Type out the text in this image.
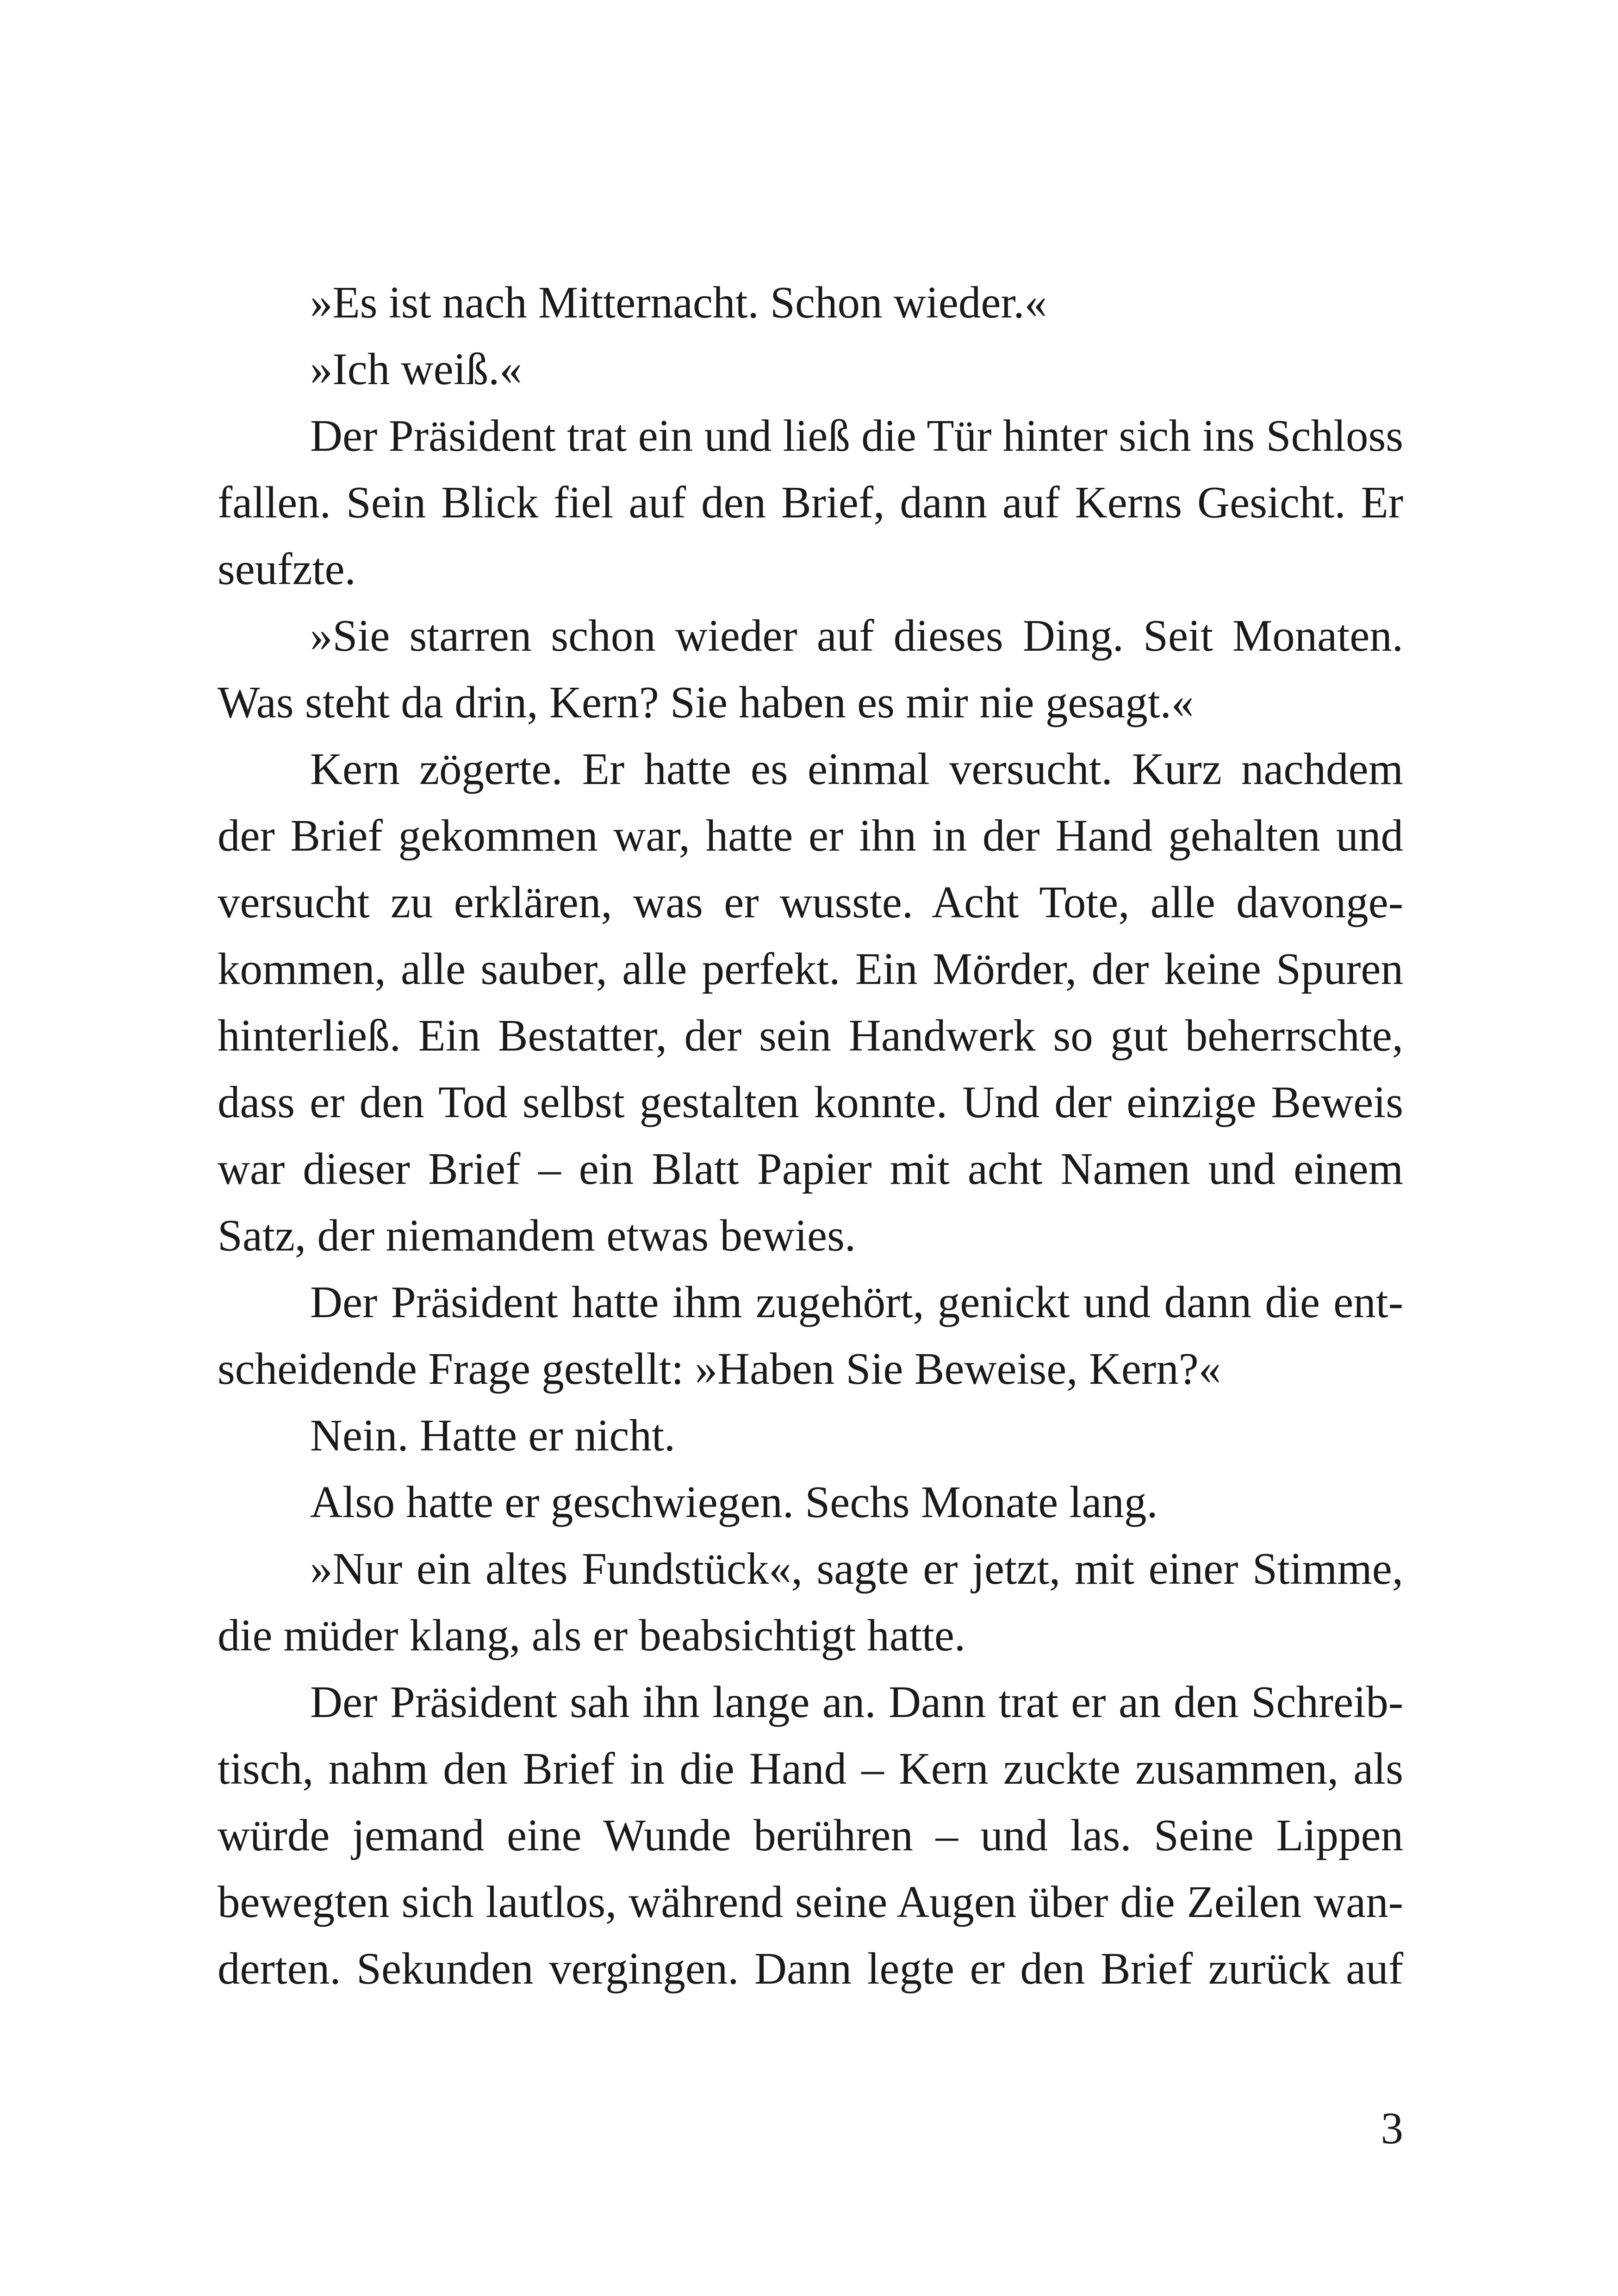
»Es ist nach Mitternacht. Schon wieder.«
»Ich weiß.«
Der Präsident trat ein und ließ die Tür hinter sich ins Schloss
fallen. Sein Blick fiel auf den Brief, dann auf Kerns Gesicht. Er
seufzte.
»Sie starren schon wieder auf dieses Ding. Seit Monaten.
Was steht da drin, Kern? Sie haben es mir nie gesagt.«
Kern zögerte. Er hatte es einmal versucht. Kurz nachdem
der Brief gekommen war, hatte er ihn in der Hand gehalten und
versucht zu erklären, was er wusste. Acht Tote, alle davonge-
kommen, alle sauber, alle perfekt. Ein Mörder, der keine Spuren
hinterließ. Ein Bestatter, der sein Handwerk so gut beherrschte,
dass er den Tod selbst gestalten konnte. Und der einzige Beweis
war dieser Brief – ein Blatt Papier mit acht Namen und einem
Satz, der niemandem etwas bewies.
Der Präsident hatte ihm zugehört, genickt und dann die ent-
scheidende Frage gestellt: »Haben Sie Beweise, Kern?«
Nein. Hatte er nicht.
Also hatte er geschwiegen. Sechs Monate lang.
»Nur ein altes Fundstück«, sagte er jetzt, mit einer Stimme,
die müder klang, als er beabsichtigt hatte.
Der Präsident sah ihn lange an. Dann trat er an den Schreib-
tisch, nahm den Brief in die Hand – Kern zuckte zusammen, als
würde jemand eine Wunde berühren – und las. Seine Lippen
bewegten sich lautlos, während seine Augen über die Zeilen wan-
derten. Sekunden vergingen. Dann legte er den Brief zurück auf
3
